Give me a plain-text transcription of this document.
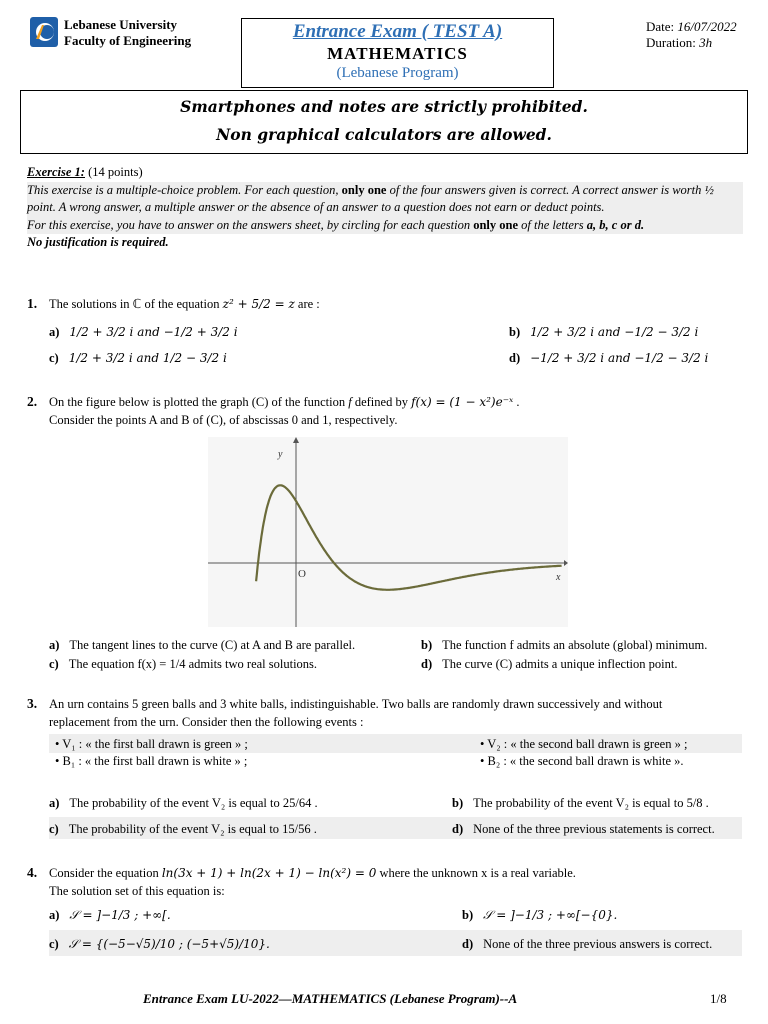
Lebanese University
Faculty of Engineering	Entrance Exam ( TEST A)
MATHEMATICS
(Lebanese Program)
Date: 16/07/2022
Duration: 3h
Smartphones and notes are strictly prohibited.
Non graphical calculators are allowed.
Exercise 1: (14 points)
This exercise is a multiple-choice problem. For each question, only one of the four answers given is correct. A correct answer is worth ½ point. A wrong answer, a multiple answer or the absence of an answer to a question does not earn or deduct points.
For this exercise, you have to answer on the answers sheet, by circling for each question only one of the letters a, b, c or d.
No justification is required.
1. The solutions in ℂ of the equation z² + 5/2 = z are :
a) 1/2 + 3/2 i and −1/2 + 3/2 i	b) 1/2 + 3/2 i and −1/2 − 3/2 i
c) 1/2 + 3/2 i and 1/2 − 3/2 i	d) −1/2 + 3/2 i and −1/2 − 3/2 i
2. On the figure below is plotted the graph (C) of the function f defined by f(x) = (1 − x²)e⁻ˣ .
Consider the points A and B of (C), of abscissas 0 and 1, respectively.
y
x
O
a) The tangent lines to the curve (C) at A and B are parallel.	b) The function f admits an absolute (global) minimum.
c) The equation f(x) = 1/4 admits two real solutions.	d) The curve (C) admits a unique inflection point.
3. An urn contains 5 green balls and 3 white balls, indistinguishable. Two balls are randomly drawn successively and without
replacement from the urn. Consider then the following events :
• V₁ : « the first ball drawn is green » ;	• V₂ : « the second ball drawn is green » ;
• B₁ : « the first ball drawn is white » ;	• B₂ : « the second ball drawn is white ».
a) The probability of the event V₂ is equal to 25/64 .	b) The probability of the event V₂ is equal to 5/8 .
c) The probability of the event V₂ is equal to 15/56 .	d) None of the three previous statements is correct.
4. Consider the equation ln(3x + 1) + ln(2x + 1) − ln(x²) = 0 where the unknown x is a real variable.
The solution set of this equation is:
a) 𝒮 = ]−1/3 ; +∞[.	b) 𝒮 = ]−1/3 ; +∞[−{0}.
c) 𝒮 = {(−5−√5)/10 ; (−5+√5)/10}.	d) None of the three previous answers is correct.
Entrance Exam LU-2022—MATHEMATICS (Lebanese Program)--A	1/8
